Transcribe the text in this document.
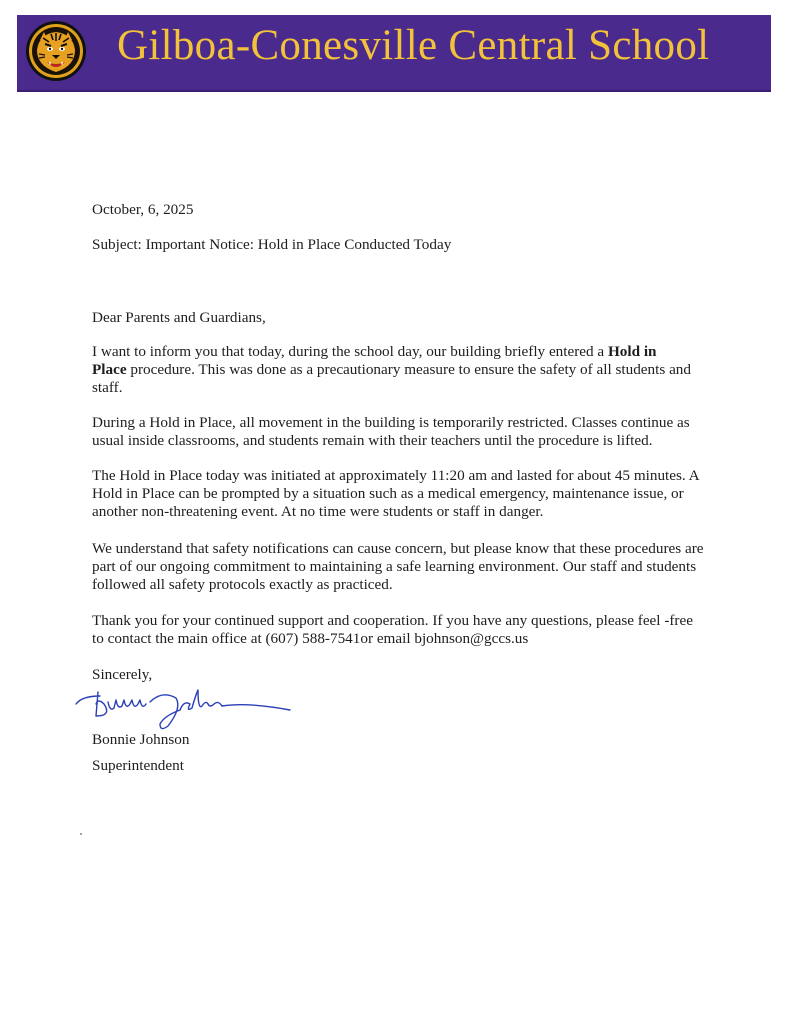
Gilboa-Conesville Central School

October, 6, 2025

Subject: Important Notice: Hold in Place Conducted Today

Dear Parents and Guardians,

I want to inform you that today, during the school day, our building briefly entered a Hold in Place procedure. This was done as a precautionary measure to ensure the safety of all students and staff.

During a Hold in Place, all movement in the building is temporarily restricted. Classes continue as usual inside classrooms, and students remain with their teachers until the procedure is lifted.

The Hold in Place today was initiated at approximately 11:20 am and lasted for about 45 minutes. A Hold in Place can be prompted by a situation such as a medical emergency, maintenance issue, or another non-threatening event. At no time were students or staff in danger.

We understand that safety notifications can cause concern, but please know that these procedures are part of our ongoing commitment to maintaining a safe learning environment. Our staff and students followed all safety protocols exactly as practiced.

Thank you for your continued support and cooperation. If you have any questions, please feel -free to contact the main office at (607) 588-7541or email bjohnson@gccs.us

Sincerely,

Bonnie Johnson

Bonnie Johnson

Superintendent
